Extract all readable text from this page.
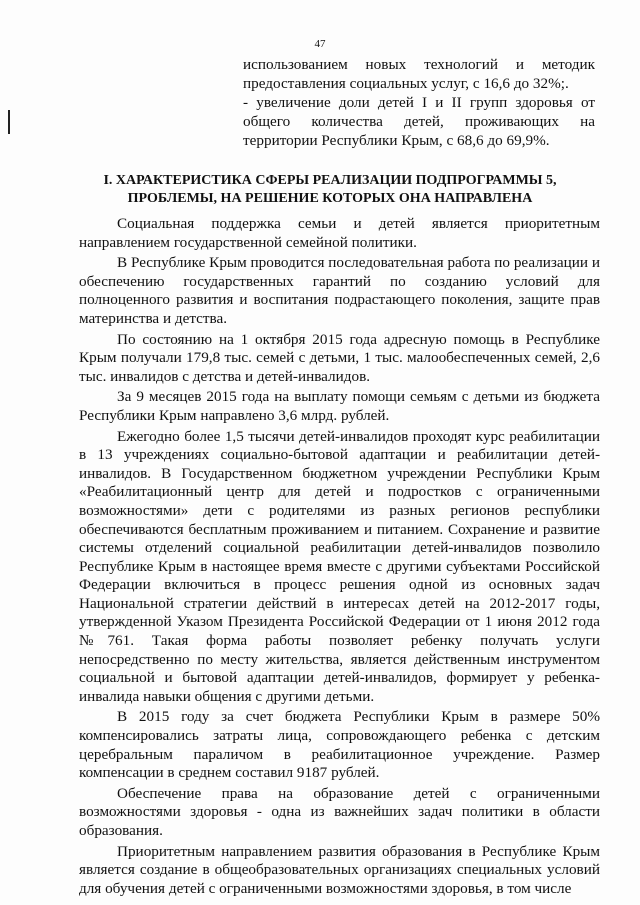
47

использованием новых технологий и методик предоставления социальных услуг, с 16,6 до 32%;.

- увеличение доли детей I и II групп здоровья от общего количества детей, проживающих на территории Республики Крым, с 68,6 до 69,9%.

I. ХАРАКТЕРИСТИКА СФЕРЫ РЕАЛИЗАЦИИ ПОДПРОГРАММЫ 5,
ПРОБЛЕМЫ, НА РЕШЕНИЕ КОТОРЫХ ОНА НАПРАВЛЕНА

Социальная поддержка семьи и детей является приоритетным направлением государственной семейной политики.

В Республике Крым проводится последовательная работа по реализации и обеспечению государственных гарантий по созданию условий для полноценного развития и воспитания подрастающего поколения, защите прав материнства и детства.

По состоянию на 1 октября 2015 года адресную помощь в Республике Крым получали 179,8 тыс. семей с детьми, 1 тыс. малообеспеченных семей, 2,6 тыс. инвалидов с детства и детей-инвалидов.

За 9 месяцев 2015 года на выплату помощи семьям с детьми из бюджета Республики Крым направлено 3,6 млрд. рублей.

Ежегодно более 1,5 тысячи детей-инвалидов проходят курс реабилитации в 13 учреждениях социально-бытовой адаптации и реабилитации детей-инвалидов. В Государственном бюджетном учреждении Республики Крым «Реабилитационный центр для детей и подростков с ограниченными возможностями» дети с родителями из разных регионов республики обеспечиваются бесплатным проживанием и питанием. Сохранение и развитие системы отделений социальной реабилитации детей-инвалидов позволило Республике Крым в настоящее время вместе с другими субъектами Российской Федерации включиться в процесс решения одной из основных задач Национальной стратегии действий в интересах детей на 2012-2017 годы, утвержденной Указом Президента Российской Федерации от 1 июня 2012 года №761. Такая форма работы позволяет ребенку получать услуги непосредственно по месту жительства, является действенным инструментом социальной и бытовой адаптации детей-инвалидов, формирует у ребенка-инвалида навыки общения с другими детьми.

В 2015 году за счет бюджета Республики Крым в размере 50% компенсировались затраты лица, сопровождающего ребенка с детским церебральным параличом в реабилитационное учреждение. Размер компенсации в среднем составил 9187 рублей.

Обеспечение права на образование детей с ограниченными возможностями здоровья - одна из важнейших задач политики в области образования.

Приоритетным направлением развития образования в Республике Крым является создание в общеобразовательных организациях специальных условий для обучения детей с ограниченными возможностями здоровья, в том числе
